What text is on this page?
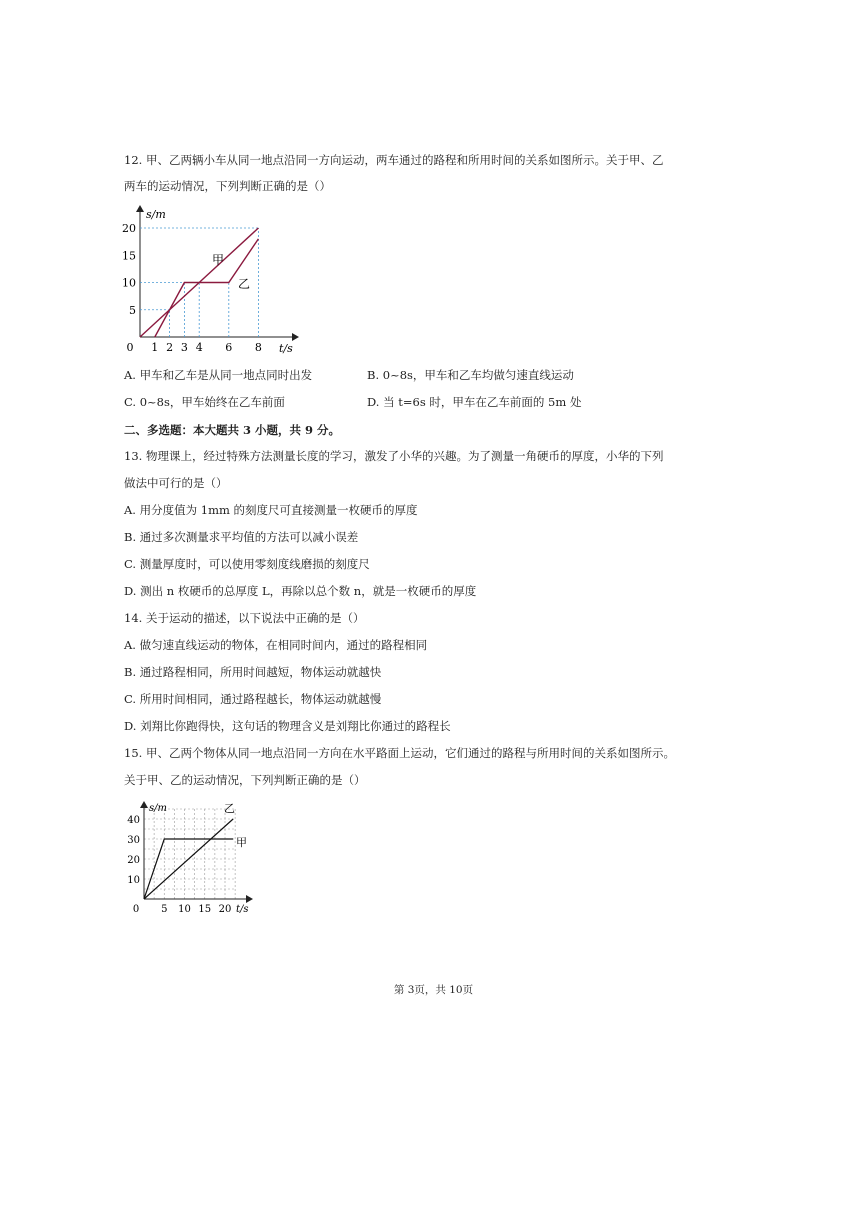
12. 甲、乙两辆小车从同一地点沿同一方向运动，两车通过的路程和所用时间的关系如图所示。关于甲、乙
两车的运动情况，下列判断正确的是（）
s/m
t/s
0 1 2 3 4 6 8
5
10
15
20
甲
乙
A. 甲车和乙车是从同一地点同时出发	B. 0~8s，甲车和乙车均做匀速直线运动
C. 0~8s，甲车始终在乙车前面	D. 当 t=6s 时，甲车在乙车前面的 5m 处
二、多选题：本大题共 3 小题，共 9 分。
13. 物理课上，经过特殊方法测量长度的学习，激发了小华的兴趣。为了测量一角硬币的厚度，小华的下列
做法中可行的是（）
A. 用分度值为 1mm 的刻度尺可直接测量一枚硬币的厚度
B. 通过多次测量求平均值的方法可以减小误差
C. 测量厚度时，可以使用零刻度线磨损的刻度尺
D. 测出 n 枚硬币的总厚度 L，再除以总个数 n，就是一枚硬币的厚度
14. 关于运动的描述，以下说法中正确的是（）
A. 做匀速直线运动的物体，在相同时间内，通过的路程相同
B. 通过路程相同，所用时间越短，物体运动就越快
C. 所用时间相同，通过路程越长，物体运动就越慢
D. 刘翔比你跑得快，这句话的物理含义是刘翔比你通过的路程长
15. 甲、乙两个物体从同一地点沿同一方向在水平路面上运动，它们通过的路程与所用时间的关系如图所示。
关于甲、乙的运动情况，下列判断正确的是（）
s/m
t/s
0 5 10 15 20
10
20
30
40
乙
甲
第 3页，共 10页
